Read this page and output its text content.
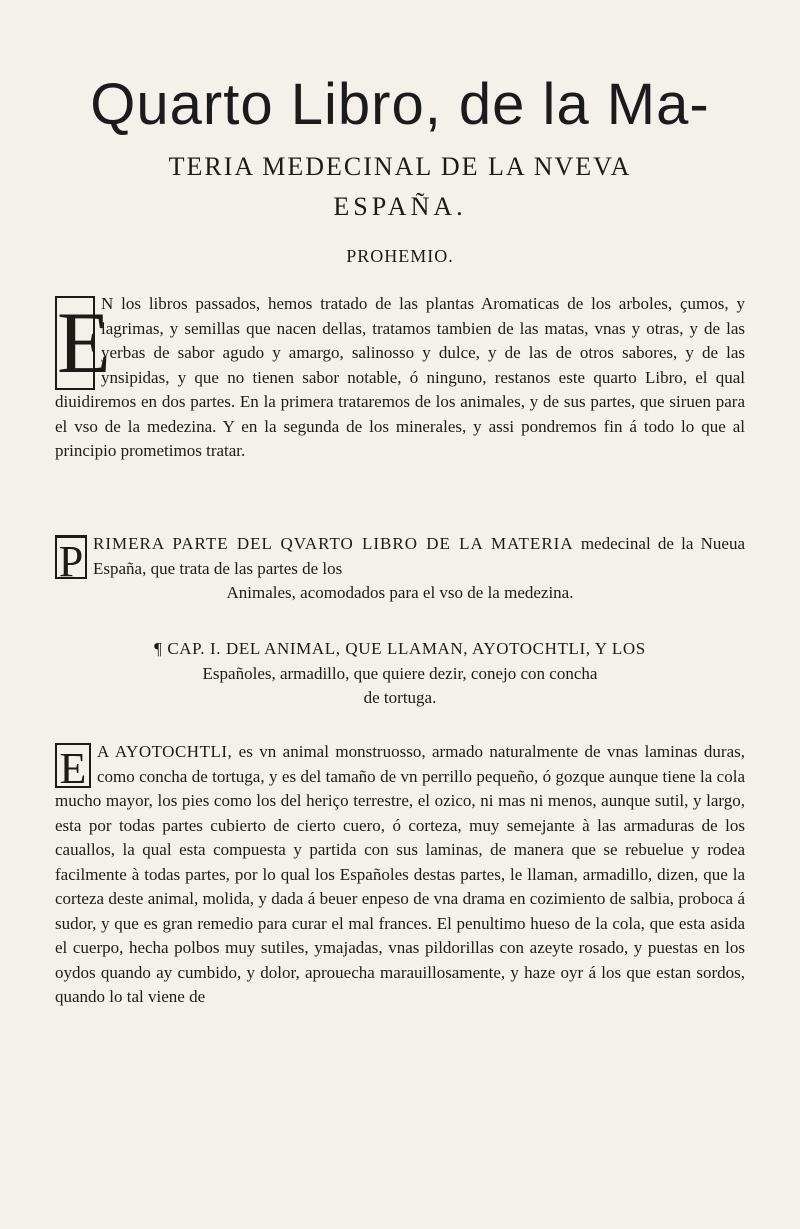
Quarto Libro, de la Ma-
TERIA MEDECINAL DE LA NVEVA
ESPAÑA.
PROHEMIO.

E
N los libros passados, hemos tratado de las plantas Aromaticas de los arboles, çumos, y lagrimas, y semillas que nacen dellas, tratamos tambien de las matas, vnas y otras, y de las yerbas de sabor agudo y amargo, salinosso y dulce, y de las de otros sabores, y de las ynsipidas, y que no tienen sabor notable, ó ninguno, restanos este quarto Libro, el qual diuidiremos en dos partes. En la primera trataremos de los animales, y de sus partes, que siruen para el vso de la medezina. Y en la segunda de los minerales, y assi pondremos fin á todo lo que al principio prometimos tratar.

P RIMERA PARTE DEL QVARTO LIBRO DE LA MATERIA medecinal de la Nueua España, que trata de las partes de los

Animales, acomodados para el vso de la medezina.
¶ CAP. I. DEL ANIMAL, QUE LLAMAN, AYOTOCHTLI, Y LOS
Españoles, armadillo, que quiere dezir, conejo con concha
de tortuga.

E A AYOTOCHTLI, es vn animal monstruosso, armado naturalmente de vnas laminas duras, como concha de tortuga, y es del tamaño de vn perrillo pequeño, ó gozque aunque tiene la cola mucho mayor, los pies como los del heriço terrestre, el ozico, ni mas ni menos, aunque sutil, y largo, esta por todas partes cubierto de cierto cuero, ó corteza, muy semejante à las armaduras de los cauallos, la qual esta compuesta y partida con sus laminas, de manera que se rebuelue y rodea facilmente à todas partes, por lo qual los Españoles destas partes, le llaman, armadillo, dizen, que la corteza deste animal, molida, y dada á beuer enpeso de vna drama en cozimiento de salbia, proboca á sudor, y que es gran remedio para curar el mal frances. El penultimo hueso de la cola, que esta asida el cuerpo, hecha polbos muy sutiles, ymajadas, vnas pildorillas con azeyte rosado, y puestas en los oydos quando ay cumbido, y dolor, aprouecha marauillosamente, y haze oyr á los que estan sordos, quando lo tal viene de
